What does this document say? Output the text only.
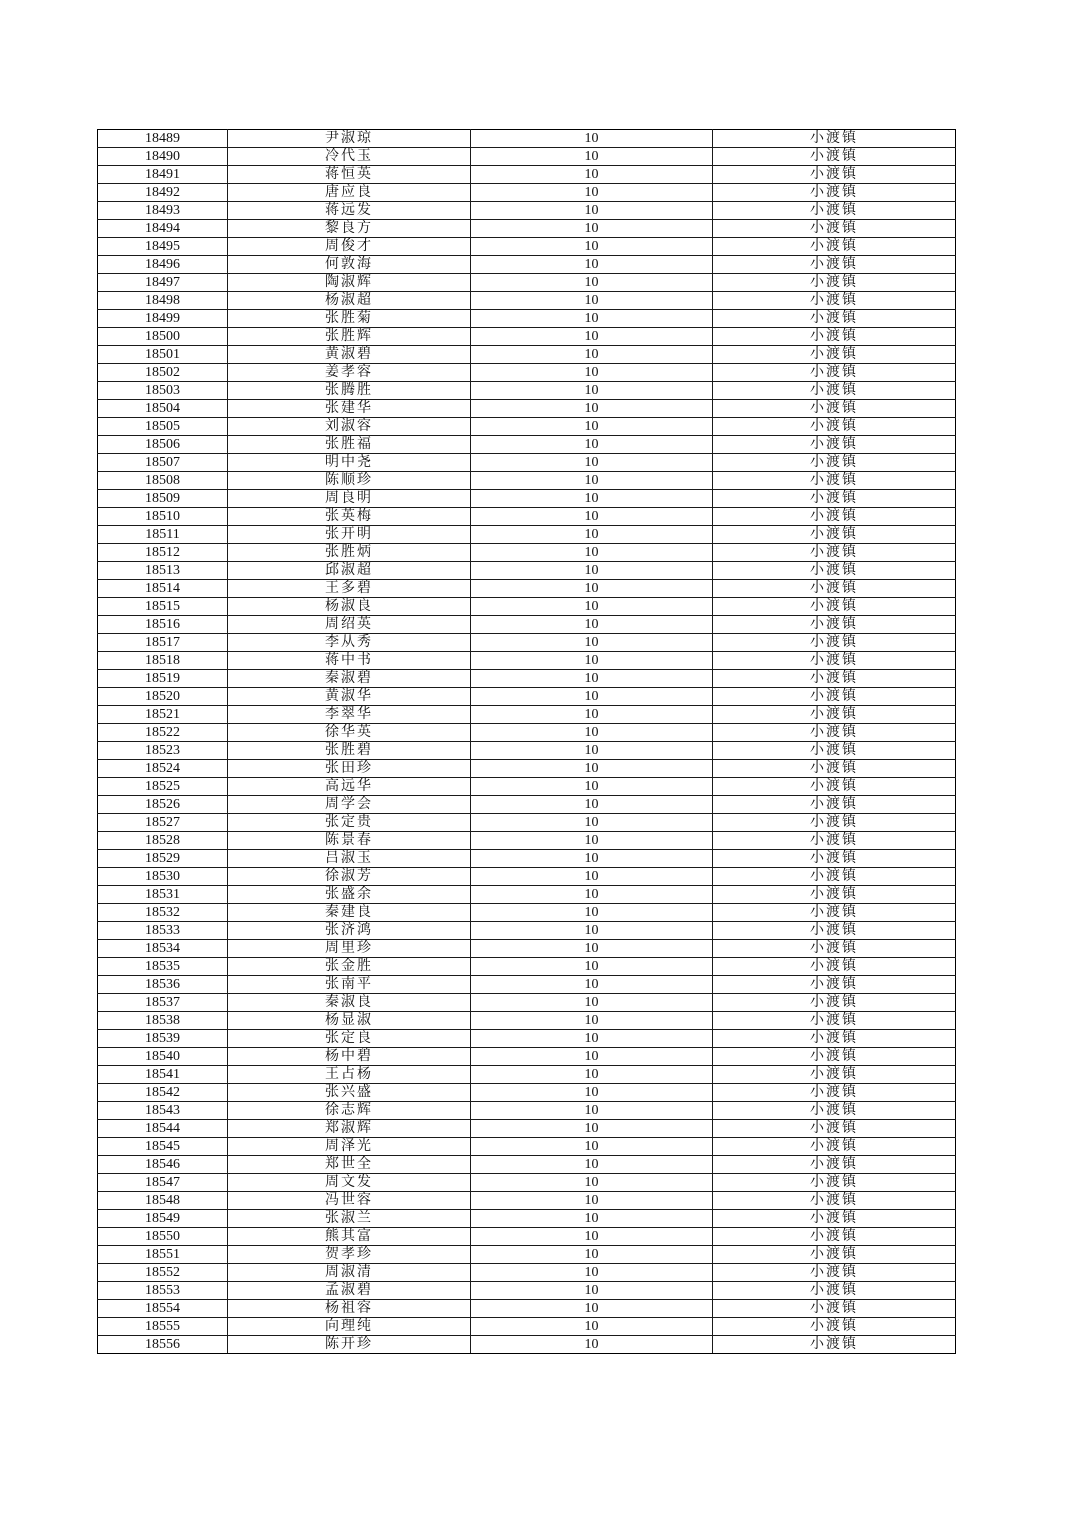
18489	尹淑琼	10	小渡镇
18490	冷代玉	10	小渡镇
18491	蒋恒英	10	小渡镇
18492	唐应良	10	小渡镇
18493	蒋远发	10	小渡镇
18494	黎良方	10	小渡镇
18495	周俊才	10	小渡镇
18496	何敦海	10	小渡镇
18497	陶淑辉	10	小渡镇
18498	杨淑超	10	小渡镇
18499	张胜菊	10	小渡镇
18500	张胜辉	10	小渡镇
18501	黄淑碧	10	小渡镇
18502	姜孝容	10	小渡镇
18503	张腾胜	10	小渡镇
18504	张建华	10	小渡镇
18505	刘淑容	10	小渡镇
18506	张胜福	10	小渡镇
18507	明中尧	10	小渡镇
18508	陈顺珍	10	小渡镇
18509	周良明	10	小渡镇
18510	张英梅	10	小渡镇
18511	张开明	10	小渡镇
18512	张胜炳	10	小渡镇
18513	邱淑超	10	小渡镇
18514	王多碧	10	小渡镇
18515	杨淑良	10	小渡镇
18516	周绍英	10	小渡镇
18517	李从秀	10	小渡镇
18518	蒋中书	10	小渡镇
18519	秦淑碧	10	小渡镇
18520	黄淑华	10	小渡镇
18521	李翠华	10	小渡镇
18522	徐华英	10	小渡镇
18523	张胜碧	10	小渡镇
18524	张田珍	10	小渡镇
18525	高远华	10	小渡镇
18526	周学会	10	小渡镇
18527	张定贵	10	小渡镇
18528	陈景春	10	小渡镇
18529	吕淑玉	10	小渡镇
18530	徐淑芳	10	小渡镇
18531	张盛余	10	小渡镇
18532	秦建良	10	小渡镇
18533	张济鸿	10	小渡镇
18534	周里珍	10	小渡镇
18535	张金胜	10	小渡镇
18536	张南平	10	小渡镇
18537	秦淑良	10	小渡镇
18538	杨显淑	10	小渡镇
18539	张定良	10	小渡镇
18540	杨中碧	10	小渡镇
18541	王占杨	10	小渡镇
18542	张兴盛	10	小渡镇
18543	徐志辉	10	小渡镇
18544	郑淑辉	10	小渡镇
18545	周泽光	10	小渡镇
18546	郑世全	10	小渡镇
18547	周文发	10	小渡镇
18548	冯世容	10	小渡镇
18549	张淑兰	10	小渡镇
18550	熊其富	10	小渡镇
18551	贺孝珍	10	小渡镇
18552	周淑清	10	小渡镇
18553	孟淑碧	10	小渡镇
18554	杨祖容	10	小渡镇
18555	向理纯	10	小渡镇
18556	陈开珍	10	小渡镇
